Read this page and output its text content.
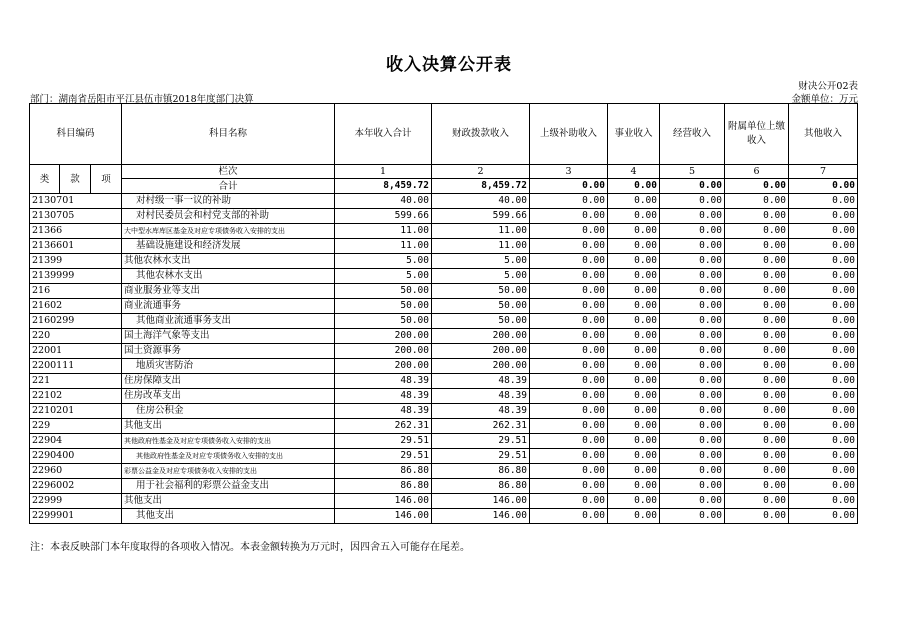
收入决算公开表
财决公开02表
部门：湖南省岳阳市平江县伍市镇2018年度部门决算	金额单位：万元
科目编码			科目名称	本年收入合计	财政拨款收入	上级补助收入	事业收入	经营收入	附属单位上缴收入	其他收入
类	款	项	栏次	1	2	3	4	5	6	7
			合计	8,459.72	8,459.72	0.00	0.00	0.00	0.00	0.00
2130701			对村级一事一议的补助	40.00	40.00	0.00	0.00	0.00	0.00	0.00
2130705			对村民委员会和村党支部的补助	599.66	599.66	0.00	0.00	0.00	0.00	0.00
21366			大中型水库库区基金及对应专项债务收入安排的支出	11.00	11.00	0.00	0.00	0.00	0.00	0.00
2136601			基础设施建设和经济发展	11.00	11.00	0.00	0.00	0.00	0.00	0.00
21399			其他农林水支出	5.00	5.00	0.00	0.00	0.00	0.00	0.00
2139999			其他农林水支出	5.00	5.00	0.00	0.00	0.00	0.00	0.00
216			商业服务业等支出	50.00	50.00	0.00	0.00	0.00	0.00	0.00
21602			商业流通事务	50.00	50.00	0.00	0.00	0.00	0.00	0.00
2160299			其他商业流通事务支出	50.00	50.00	0.00	0.00	0.00	0.00	0.00
220			国土海洋气象等支出	200.00	200.00	0.00	0.00	0.00	0.00	0.00
22001			国土资源事务	200.00	200.00	0.00	0.00	0.00	0.00	0.00
2200111			地质灾害防治	200.00	200.00	0.00	0.00	0.00	0.00	0.00
221			住房保障支出	48.39	48.39	0.00	0.00	0.00	0.00	0.00
22102			住房改革支出	48.39	48.39	0.00	0.00	0.00	0.00	0.00
2210201			住房公积金	48.39	48.39	0.00	0.00	0.00	0.00	0.00
229			其他支出	262.31	262.31	0.00	0.00	0.00	0.00	0.00
22904			其他政府性基金及对应专项债务收入安排的支出	29.51	29.51	0.00	0.00	0.00	0.00	0.00
2290400			其他政府性基金及对应专项债务收入安排的支出	29.51	29.51	0.00	0.00	0.00	0.00	0.00
22960			彩票公益金及对应专项债务收入安排的支出	86.80	86.80	0.00	0.00	0.00	0.00	0.00
2296002			用于社会福利的彩票公益金支出	86.80	86.80	0.00	0.00	0.00	0.00	0.00
22999			其他支出	146.00	146.00	0.00	0.00	0.00	0.00	0.00
2299901			其他支出	146.00	146.00	0.00	0.00	0.00	0.00	0.00
注：本表反映部门本年度取得的各项收入情况。本表金额转换为万元时，因四舍五入可能存在尾差。
